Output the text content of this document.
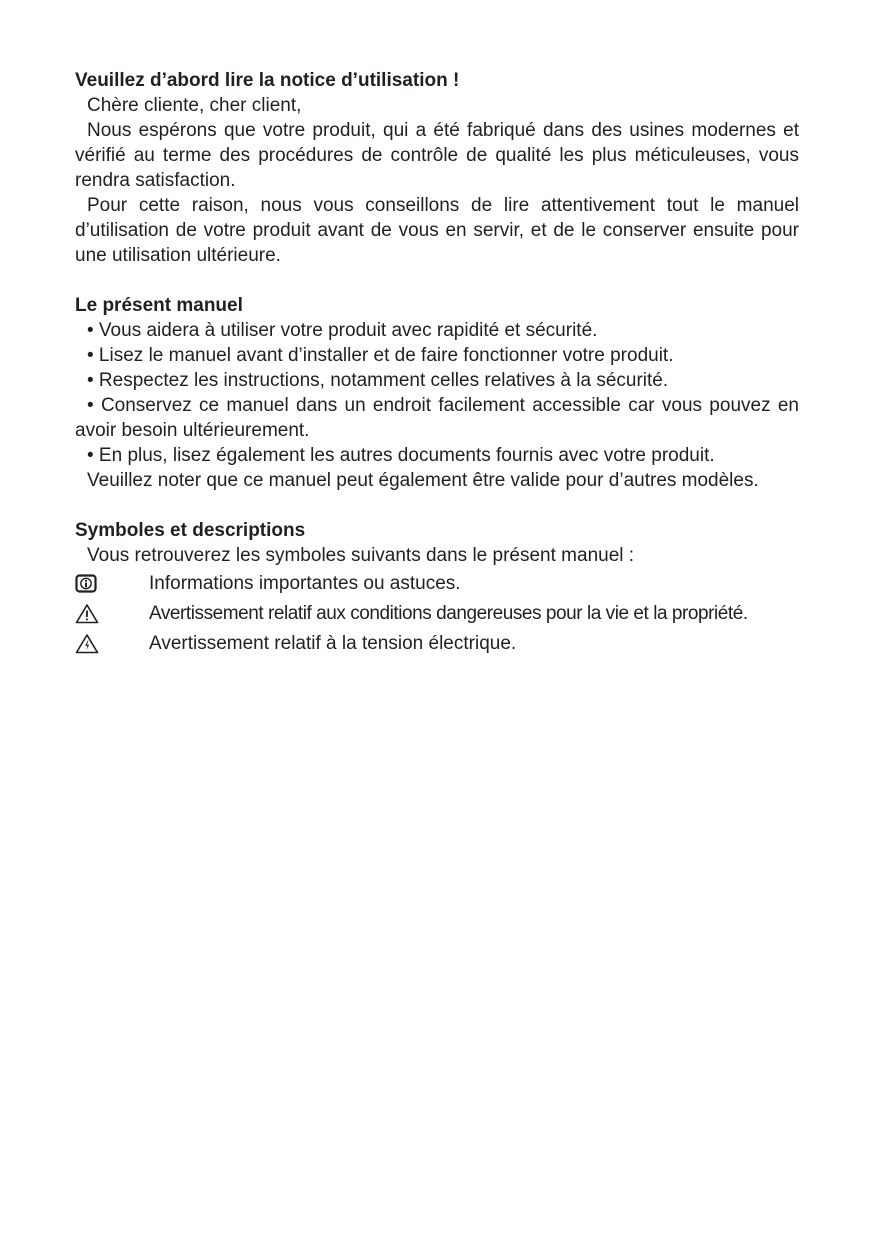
Veuillez d’abord lire la notice d’utilisation !

Chère cliente, cher client,

Nous espérons que votre produit, qui a été fabriqué dans des usines modernes et vérifié au terme des procédures de contrôle de qualité les plus méticuleuses, vous rendra satisfaction.

Pour cette raison, nous vous conseillons de lire attentivement tout le manuel d’utilisation de votre produit avant de vous en servir, et de le conserver ensuite pour une utilisation ultérieure.

Le présent manuel

• Vous aidera à utiliser votre produit avec rapidité et sécurité.

• Lisez le manuel avant d’installer et de faire fonctionner votre produit.

• Respectez les instructions, notamment celles relatives à la sécurité.

• Conservez ce manuel dans un endroit facilement accessible car vous pouvez en avoir besoin ultérieurement.

• En plus, lisez également les autres documents fournis avec votre produit.

Veuillez noter que ce manuel peut également être valide pour d’autres modèles.

Symboles et descriptions

Vous retrouverez les symboles suivants dans le présent manuel :

Informations importantes ou astuces.
Avertissement relatif aux conditions dangereuses pour la vie et la propriété.
Avertissement relatif à la tension électrique.
